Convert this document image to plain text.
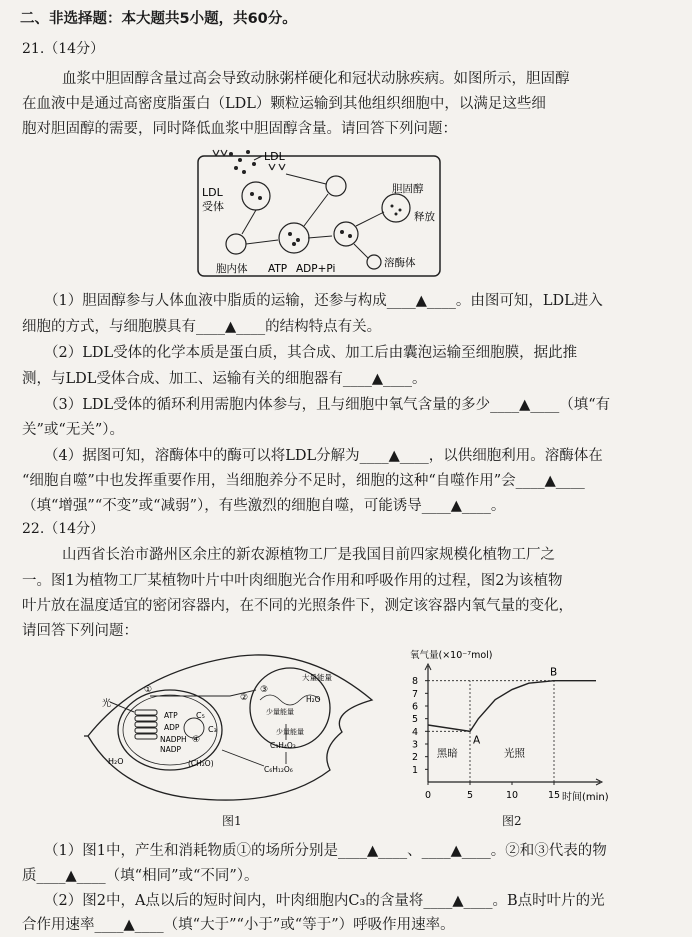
二、非选择题：本大题共5小题，共60分。
21.（14分）
血浆中胆固醇含量过高会导致动脉粥样硬化和冠状动脉疾病。如图所示，胆固醇
在血液中是通过高密度脂蛋白（LDL）颗粒运输到其他组织细胞中，以满足这些细
胞对胆固醇的需要，同时降低血浆中胆固醇含量。请回答下列问题：
LDL
LDL
受体
胆固醇
释放
胞内体 ATP ADP+Pi	溶酶体
（1）胆固醇参与人体血液中脂质的运输，还参与构成____▲____。由图可知，LDL进入
细胞的方式，与细胞膜具有____▲____的结构特点有关。
（2）LDL受体的化学本质是蛋白质，其合成、加工后由囊泡运输至细胞膜，据此推
测，与LDL受体合成、加工、运输有关的细胞器有____▲____。
（3）LDL受体的循环利用需胞内体参与，且与细胞中氧气含量的多少____▲____（填“有
关”或“无关”）。
（4）据图可知，溶酶体中的酶可以将LDL分解为____▲____，以供细胞利用。溶酶体在
“细胞自噬”中也发挥重要作用，当细胞养分不足时，细胞的这种“自噬作用”会____▲____
（填“增强”“不变”或“减弱”），有些激烈的细胞自噬，可能诱导____▲____。
22.（14分）
山西省长治市潞州区余庄的新农源植物工厂是我国目前四家规模化植物工厂之
一。图1为植物工厂某植物叶片中叶肉细胞光合作用和呼吸作用的过程，图2为该植物
叶片放在温度适宜的密闭容器内，在不同的光照条件下，测定该容器内氧气量的变化，
请回答下列问题：
光
①
ATP
ADP
NADPH
NADP
C₅
④
C₃
(CH₂O)
H₂O
大量能量
③
少量能量
少量能量
H₂O
②
C₃H₄O₃
C₆H₁₂O₆
图1
氧气量(×10⁻⁷mol)
时间(min)
1
2
3
4
5
6
7
8
0	5	10	15
A
B
黑暗	光照
图2
（1）图1中，产生和消耗物质①的场所分别是____▲____、____▲____。②和③代表的物
质____▲____（填“相同”或“不同”）。
（2）图2中，A点以后的短时间内，叶肉细胞内C₃的含量将____▲____。B点时叶片的光
合作用速率____▲____（填“大于”“小于”或“等于”）呼吸作用速率。
